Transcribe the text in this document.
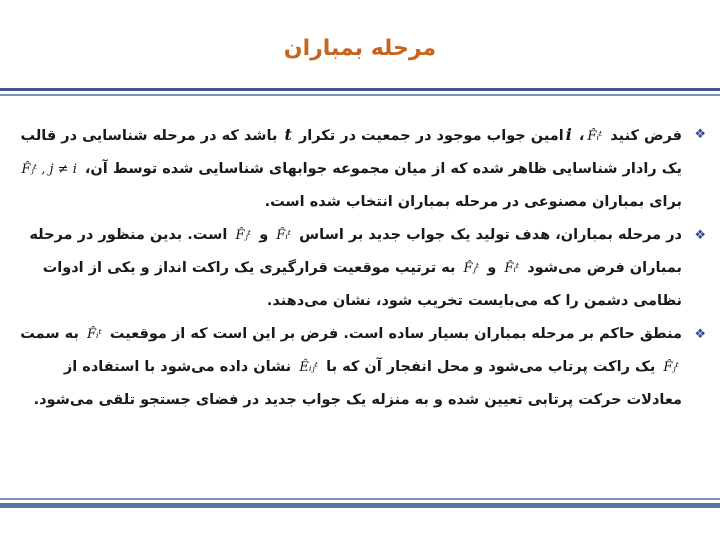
مرحله بمباران

❖
فرض کنید F̂ᵢᵗ، iامین جواب موجود در جمعیت در تکرار t باشد که در مرحله شناسایی در قالب یک رادار شناسایی ظاهر شده که از میان مجموعه جوابهای شناسایی شده توسط آن، F̂ⱼᵗ , j ≠ i برای بمباران مصنوعی در مرحله بمباران انتخاب شده است.

❖
در مرحله بمباران، هدف تولید یک جواب جدید بر اساس F̂ᵢᵗ و F̂ⱼᵗ است. بدین منظور در مرحله بمباران فرض می‌شود F̂ᵢᵗ و F̂ⱼᵗ به ترتیب موقعیت قرارگیری یک راکت انداز و یکی از ادوات نظامی دشمن را که می‌بایست تخریب شود، نشان می‌دهند.

❖
منطق حاکم بر مرحله بمباران بسیار ساده است. فرض بر این است که از موقعیت F̂ᵢᵗ به سمت F̂ⱼᵗ یک راکت پرتاب می‌شود و محل انفجار آن که با Êᵢⱼᵗ نشان داده می‌شود با استفاده از معادلات حرکت پرتابی تعیین شده و به منزله یک جواب جدید در فضای جستجو تلقی می‌شود.
